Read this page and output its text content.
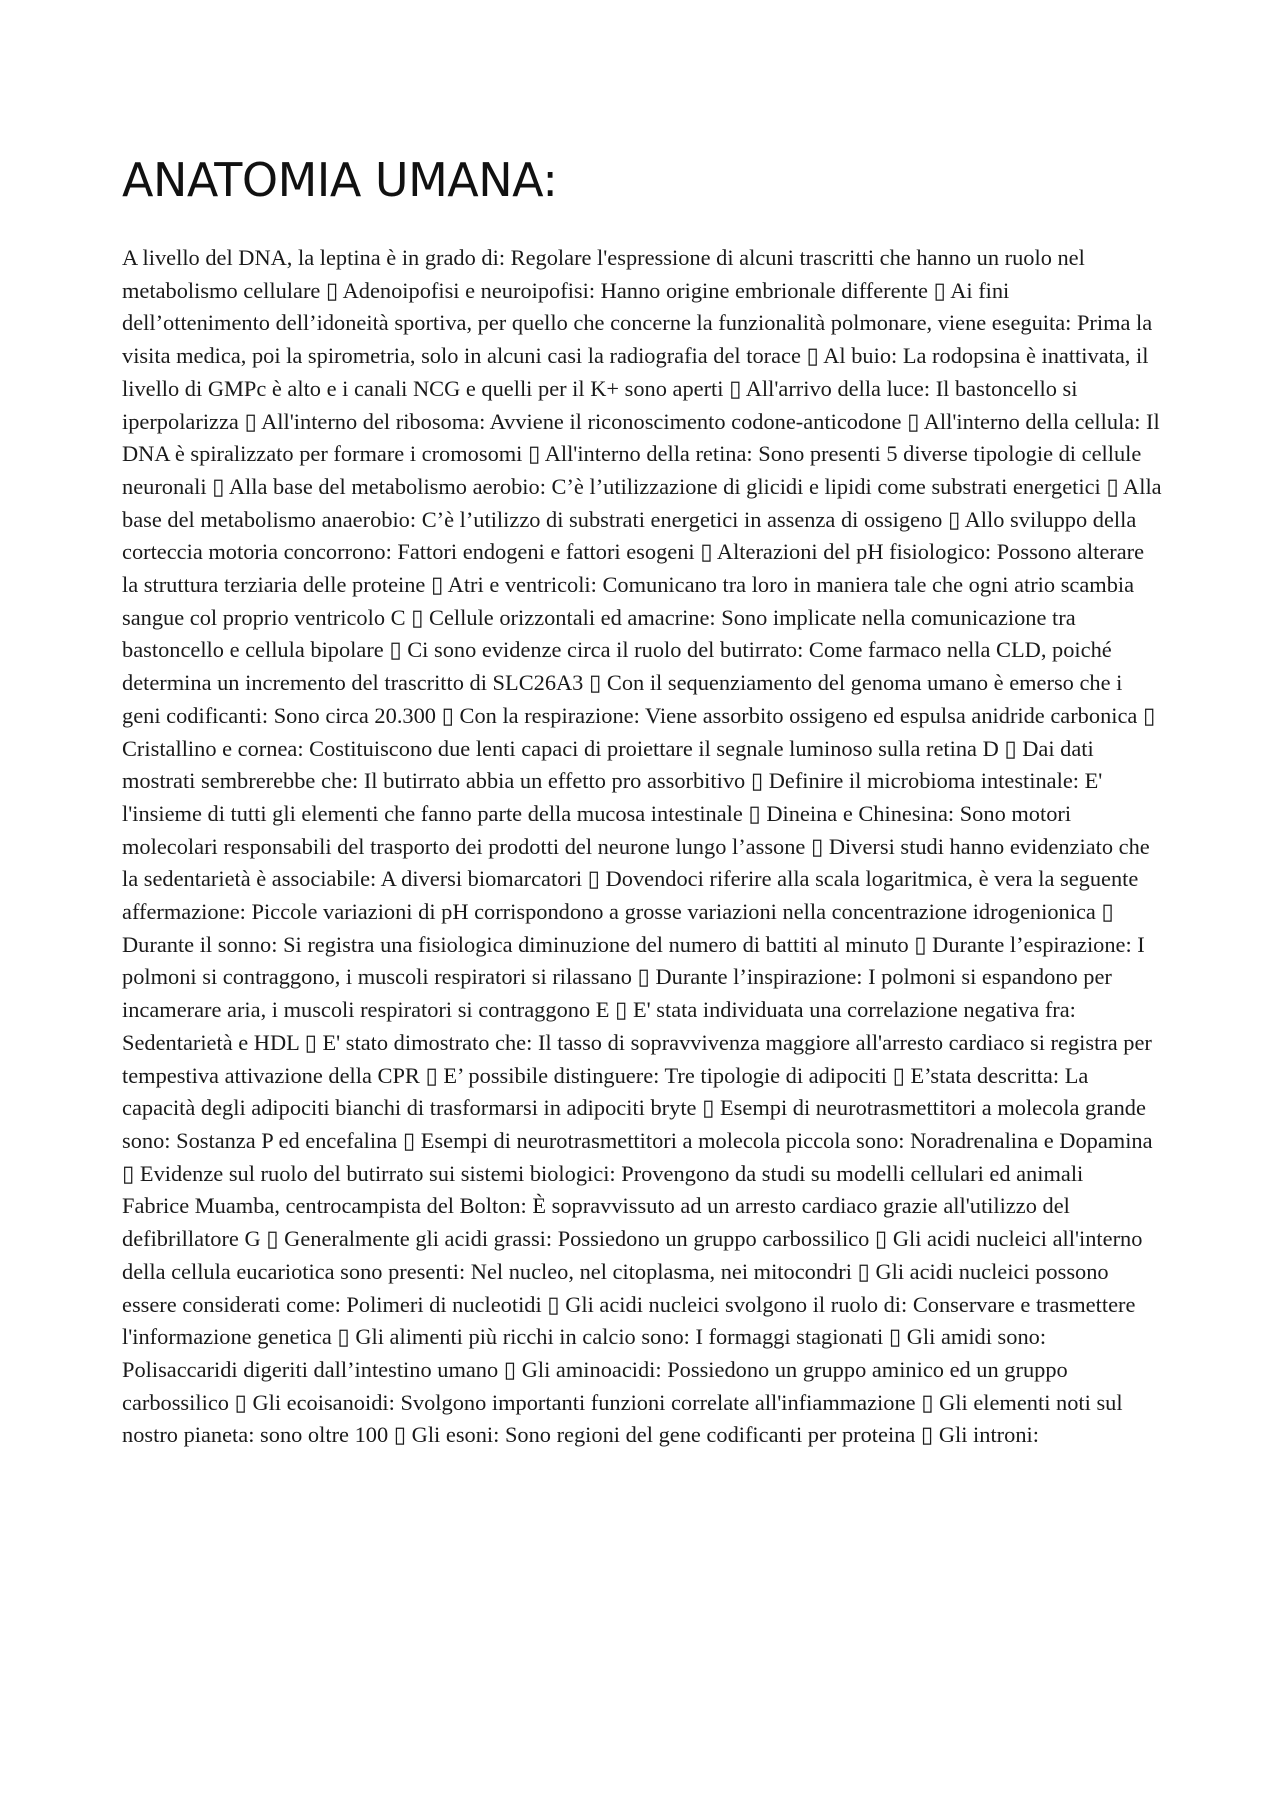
ANATOMIA UMANA:

A livello del DNA, la leptina è in grado di: Regolare l'espressione di alcuni trascritti che hanno un ruolo nel metabolismo cellulare ▯ Adenoipofisi e neuroipofisi: Hanno origine embrionale differente ▯ Ai fini dell’ottenimento dell’idoneità sportiva, per quello che concerne la funzionalità polmonare, viene eseguita: Prima la visita medica, poi la spirometria, solo in alcuni casi la radiografia del torace ▯ Al buio: La rodopsina è inattivata, il livello di GMPc è alto e i canali NCG e quelli per il K+ sono aperti ▯ All'arrivo della luce: Il bastoncello si iperpolarizza ▯ All'interno del ribosoma: Avviene il riconoscimento codone-anticodone ▯ All'interno della cellula: Il DNA è spiralizzato per formare i cromosomi ▯ All'interno della retina: Sono presenti 5 diverse tipologie di cellule neuronali ▯ Alla base del metabolismo aerobio: C’è l’utilizzazione di glicidi e lipidi come substrati energetici ▯ Alla base del metabolismo anaerobio: C’è l’utilizzo di substrati energetici in assenza di ossigeno ▯ Allo sviluppo della corteccia motoria concorrono: Fattori endogeni e fattori esogeni ▯ Alterazioni del pH fisiologico: Possono alterare la struttura terziaria delle proteine ▯ Atri e ventricoli: Comunicano tra loro in maniera tale che ogni atrio scambia sangue col proprio ventricolo C ▯ Cellule orizzontali ed amacrine: Sono implicate nella comunicazione tra bastoncello e cellula bipolare ▯ Ci sono evidenze circa il ruolo del butirrato: Come farmaco nella CLD, poiché determina un incremento del trascritto di SLC26A3 ▯ Con il sequenziamento del genoma umano è emerso che i geni codificanti: Sono circa 20.300 ▯ Con la respirazione: Viene assorbito ossigeno ed espulsa anidride carbonica ▯ Cristallino e cornea: Costituiscono due lenti capaci di proiettare il segnale luminoso sulla retina D ▯ Dai dati mostrati sembrerebbe che: Il butirrato abbia un effetto pro assorbitivo ▯ Definire il microbioma intestinale: E' l'insieme di tutti gli elementi che fanno parte della mucosa intestinale ▯ Dineina e Chinesina: Sono motori molecolari responsabili del trasporto dei prodotti del neurone lungo l’assone ▯ Diversi studi hanno evidenziato che la sedentarietà è associabile: A diversi biomarcatori ▯ Dovendoci riferire alla scala logaritmica, è vera la seguente affermazione: Piccole variazioni di pH corrispondono a grosse variazioni nella concentrazione idrogenionica ▯ Durante il sonno: Si registra una fisiologica diminuzione del numero di battiti al minuto ▯ Durante l’espirazione: I polmoni si contraggono, i muscoli respiratori si rilassano ▯ Durante l’inspirazione: I polmoni si espandono per incamerare aria, i muscoli respiratori si contraggono E ▯ E' stata individuata una correlazione negativa fra: Sedentarietà e HDL ▯ E' stato dimostrato che: Il tasso di sopravvivenza maggiore all'arresto cardiaco si registra per tempestiva attivazione della CPR ▯ E’ possibile distinguere: Tre tipologie di adipociti ▯ E’stata descritta: La capacità degli adipociti bianchi di trasformarsi in adipociti bryte ▯ Esempi di neurotrasmettitori a molecola grande sono: Sostanza P ed encefalina ▯ Esempi di neurotrasmettitori a molecola piccola sono: Noradrenalina e Dopamina ▯ Evidenze sul ruolo del butirrato sui sistemi biologici: Provengono da studi su modelli cellulari ed animali

Fabrice Muamba, centrocampista del Bolton: È sopravvissuto ad un arresto cardiaco grazie all'utilizzo del defibrillatore G ▯ Generalmente gli acidi grassi: Possiedono un gruppo carbossilico ▯ Gli acidi nucleici all'interno della cellula eucariotica sono presenti: Nel nucleo, nel citoplasma, nei mitocondri ▯ Gli acidi nucleici possono essere considerati come: Polimeri di nucleotidi ▯ Gli acidi nucleici svolgono il ruolo di: Conservare e trasmettere l'informazione genetica ▯ Gli alimenti più ricchi in calcio sono: I formaggi stagionati ▯ Gli amidi sono: Polisaccaridi digeriti dall’intestino umano ▯ Gli aminoacidi: Possiedono un gruppo aminico ed un gruppo carbossilico ▯ Gli ecoisanoidi: Svolgono importanti funzioni correlate all'infiammazione ▯ Gli elementi noti sul nostro pianeta: sono oltre 100 ▯ Gli esoni: Sono regioni del gene codificanti per proteina ▯ Gli introni:
